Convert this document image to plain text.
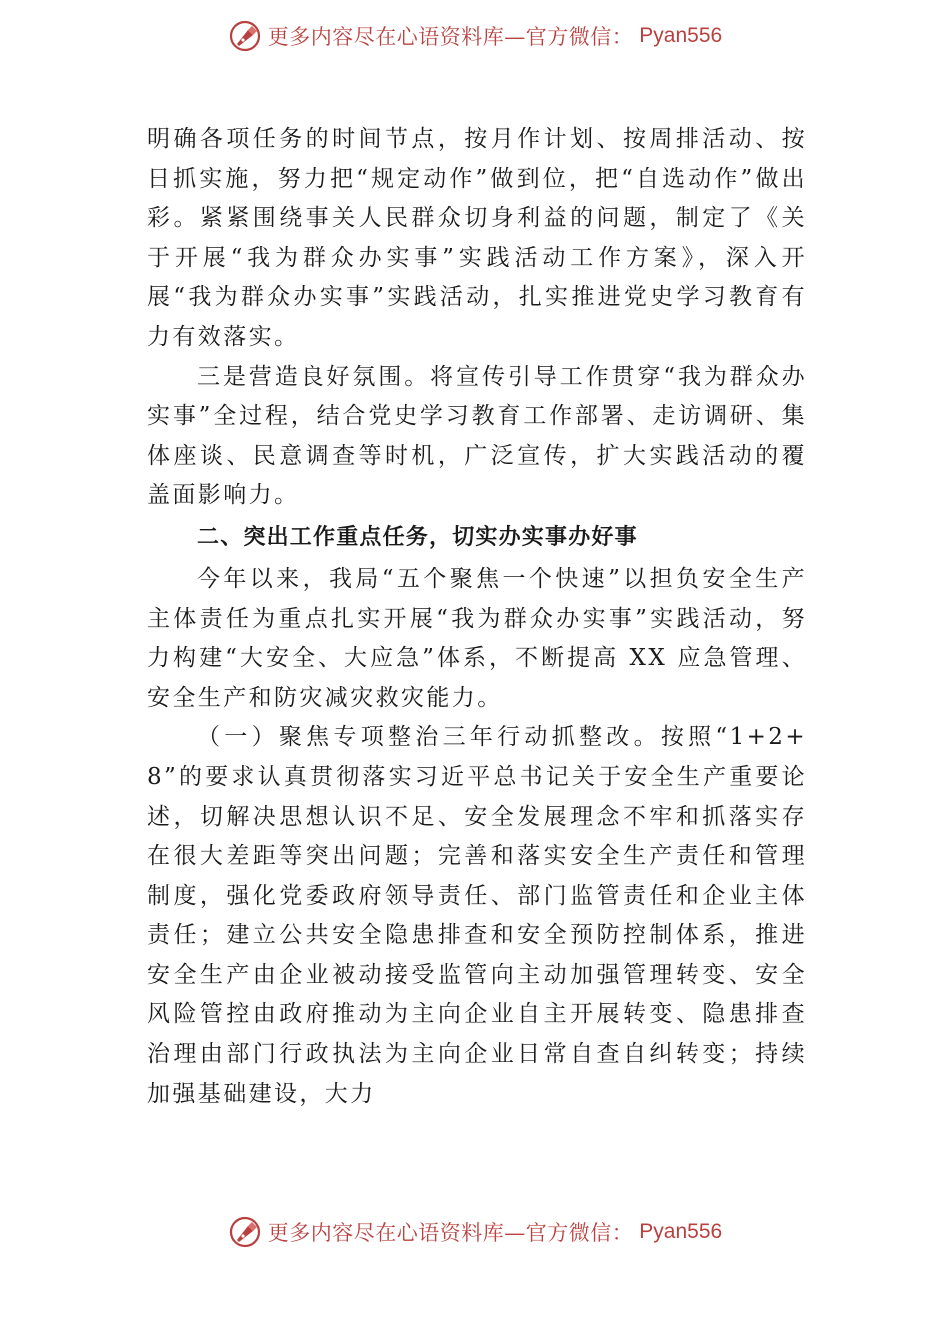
更多内容尽在心语资料库—官方微信： Pyan556

明确各项任务的时间节点，按月作计划、按周排活动、按日抓实施，努力把“规定动作”做到位，把“自选动作”做出彩。紧紧围绕事关人民群众切身利益的问题，制定了《关于开展“我为群众办实事”实践活动工作方案》，深入开展“我为群众办实事”实践活动，扎实推进党史学习教育有力有效落实。

三是营造良好氛围。将宣传引导工作贯穿“我为群众办实事”全过程，结合党史学习教育工作部署、走访调研、集体座谈、民意调查等时机，广泛宣传，扩大实践活动的覆盖面影响力。

二、突出工作重点任务，切实办实事办好事

今年以来，我局“五个聚焦一个快速”以担负安全生产主体责任为重点扎实开展“我为群众办实事”实践活动，努力构建“大安全、大应急”体系，不断提高 XX 应急管理、安全生产和防灾减灾救灾能力。

（一）聚焦专项整治三年行动抓整改。按照“1+2+8”的要求认真贯彻落实习近平总书记关于安全生产重要论述，切解决思想认识不足、安全发展理念不牢和抓落实存在很大差距等突出问题；完善和落实安全生产责任和管理制度，强化党委政府领导责任、部门监管责任和企业主体责任；建立公共安全隐患排查和安全预防控制体系，推进安全生产由企业被动接受监管向主动加强管理转变、安全风险管控由政府推动为主向企业自主开展转变、隐患排查治理由部门行政执法为主向企业日常自查自纠转变；持续加强基础建设，大力

更多内容尽在心语资料库—官方微信： Pyan556
